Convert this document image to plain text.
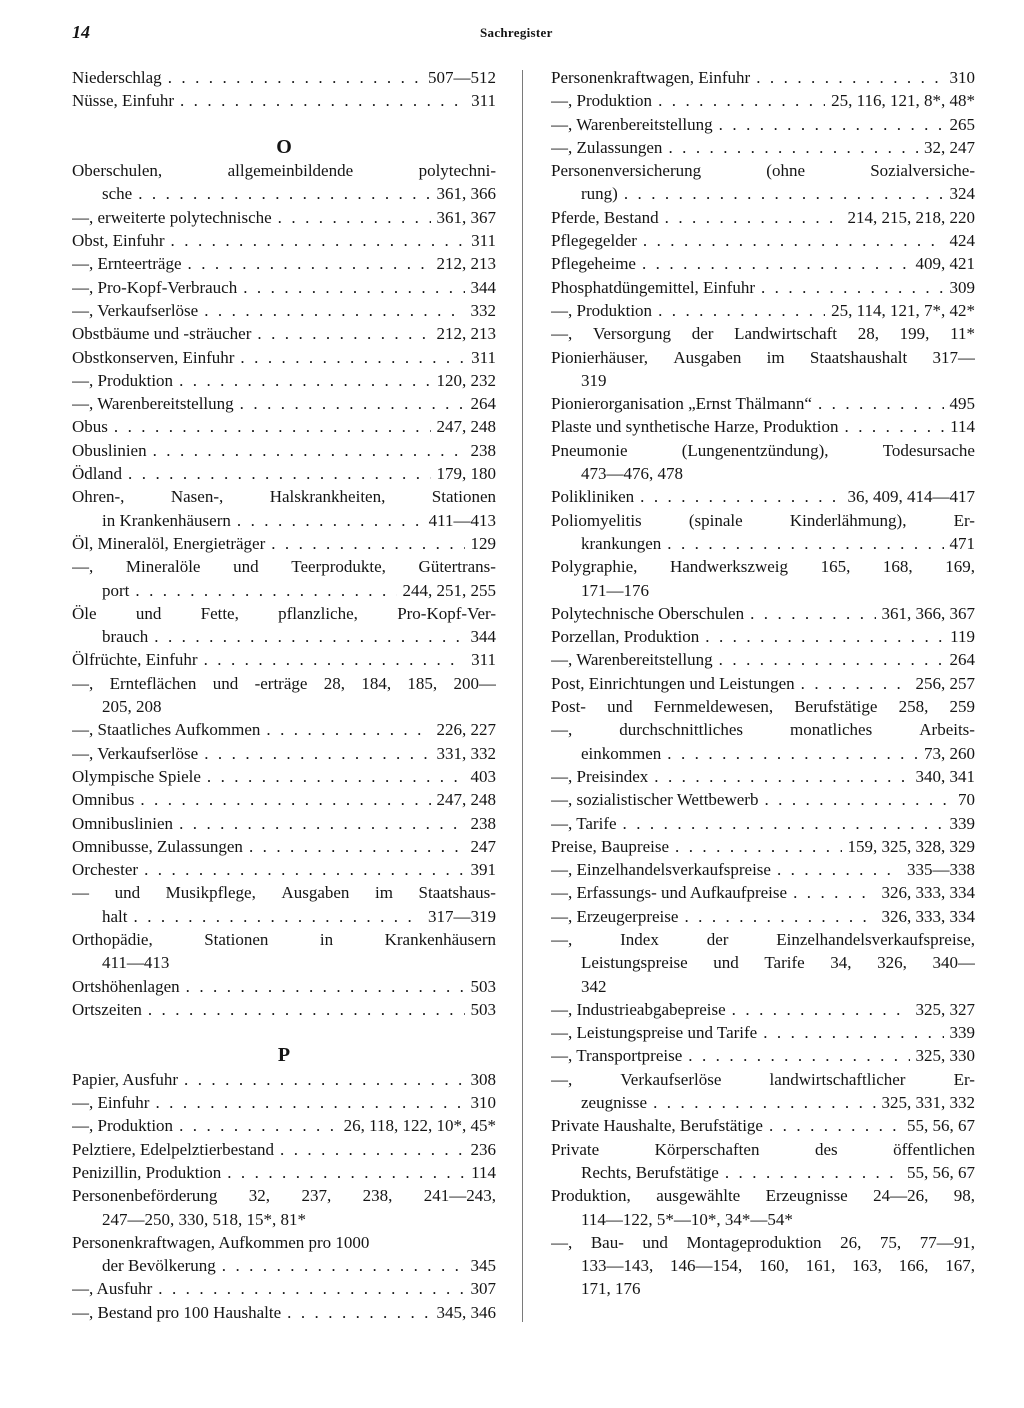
14	Sachregister
Niederschlag . . .	507—512
Nüsse, Einfuhr . . .	311
O
Oberschulen,	allgemeinbildende	polytechni-
sche . . .	361, 366
—, erweiterte polytechnische . . .	361, 367
Obst, Einfuhr . . .	311
—, Ernteerträge . . .	212, 213
—, Pro-Kopf-Verbrauch . . .	344
—, Verkaufserlöse . . .	332
Obstbäume und -sträucher . . .	212, 213
Obstkonserven, Einfuhr . . .	311
—, Produktion . . .	120, 232
—, Warenbereitstellung . . .	264
Obus . . .	247, 248
Obuslinien . . .	238
Ödland . . .	179, 180
Ohren-,	Nasen-,	Halskrankheiten,	Stationen
in Krankenhäusern . . .	411—413
Öl, Mineralöl, Energieträger . . .	129
—, Mineralöle und Teerprodukte, Gütertrans-
port . . .	244, 251, 255
Öle und Fette, pflanzliche, Pro-Kopf-Ver-
brauch . . .	344
Ölfrüchte, Einfuhr . . .	311
—, Ernteflächen und -erträge 28, 184, 185, 200—
205, 208
—, Staatliches Aufkommen . . .	226, 227
—, Verkaufserlöse . . .	331, 332
Olympische Spiele . . .	403
Omnibus . . .	247, 248
Omnibuslinien . . .	238
Omnibusse, Zulassungen . . .	247
Orchester . . .	391
— und Musikpflege, Ausgaben im Staatshaus-
halt . . .	317—319
Orthopädie,	Stationen	in	Krankenhäusern
411—413
Ortshöhenlagen . . .	503
Ortszeiten . . .	503
P
Papier, Ausfuhr . . .	308
—, Einfuhr . . .	310
—, Produktion . . .	26, 118, 122, 10*, 45*
Pelztiere, Edelpelztierbestand . . .	236
Penizillin, Produktion . . .	114
Personenbeförderung 32, 237, 238, 241—243,
247—250, 330, 518, 15*, 81*
Personenkraftwagen, Aufkommen pro 1000
der Bevölkerung . . .	345
—, Ausfuhr . . .	307
—, Bestand pro 100 Haushalte . . .	345, 346
Personenkraftwagen, Einfuhr . . .	310
—, Produktion . . .	25, 116, 121, 8*, 48*
—, Warenbereitstellung . . .	265
—, Zulassungen . . .	32, 247
Personenversicherung	(ohne	Sozialversiche-
rung) . . .	324
Pferde, Bestand . . .	214, 215, 218, 220
Pflegegelder . . .	424
Pflegeheime . . .	409, 421
Phosphatdüngemittel, Einfuhr . . .	309
—, Produktion . . .	25, 114, 121, 7*, 42*
—, Versorgung der Landwirtschaft 28, 199, 11*
Pionierhäuser, Ausgaben im Staatshaushalt 317—
319
Pionierorganisation „Ernst Thälmann“ . . .	495
Plaste und synthetische Harze, Produktion . . .	114
Pneumonie	(Lungenentzündung),	Todesursache
473—476, 478
Polikliniken . . .	36, 409, 414—417
Poliomyelitis	(spinale	Kinderlähmung),	Er-
krankungen . . .	471
Polygraphie, Handwerkszweig 165, 168, 169,
171—176
Polytechnische Oberschulen . . .	361, 366, 367
Porzellan, Produktion . . .	119
—, Warenbereitstellung . . .	264
Post, Einrichtungen und Leistungen . . .	256, 257
Post- und Fernmeldewesen, Berufstätige 258, 259
—,	durchschnittliches	monatliches	Arbeits-
einkommen . . .	73, 260
—, Preisindex . . .	340, 341
—, sozialistischer Wettbewerb . . .	70
—, Tarife . . .	339
Preise, Baupreise . . .	159, 325, 328, 329
—, Einzelhandelsverkaufspreise . . .	335—338
—, Erfassungs- und Aufkaufpreise . . .	326, 333, 334
—, Erzeugerpreise . . .	326, 333, 334
—,	Index	der	Einzelhandelsverkaufspreise,
Leistungspreise und Tarife 34, 326, 340—
342
—, Industrieabgabepreise . . .	325, 327
—, Leistungspreise und Tarife . . .	339
—, Transportpreise . . .	325, 330
—,	Verkaufserlöse	landwirtschaftlicher	Er-
zeugnisse . . .	325, 331, 332
Private Haushalte, Berufstätige . . .	55, 56, 67
Private	Körperschaften	des	öffentlichen
Rechts, Berufstätige . . .	55, 56, 67
Produktion, ausgewählte Erzeugnisse 24—26, 98,
114—122, 5*—10*, 34*—54*
—, Bau- und Montageproduktion 26, 75, 77—91,
133—143, 146—154, 160, 161, 163, 166, 167,
171, 176
